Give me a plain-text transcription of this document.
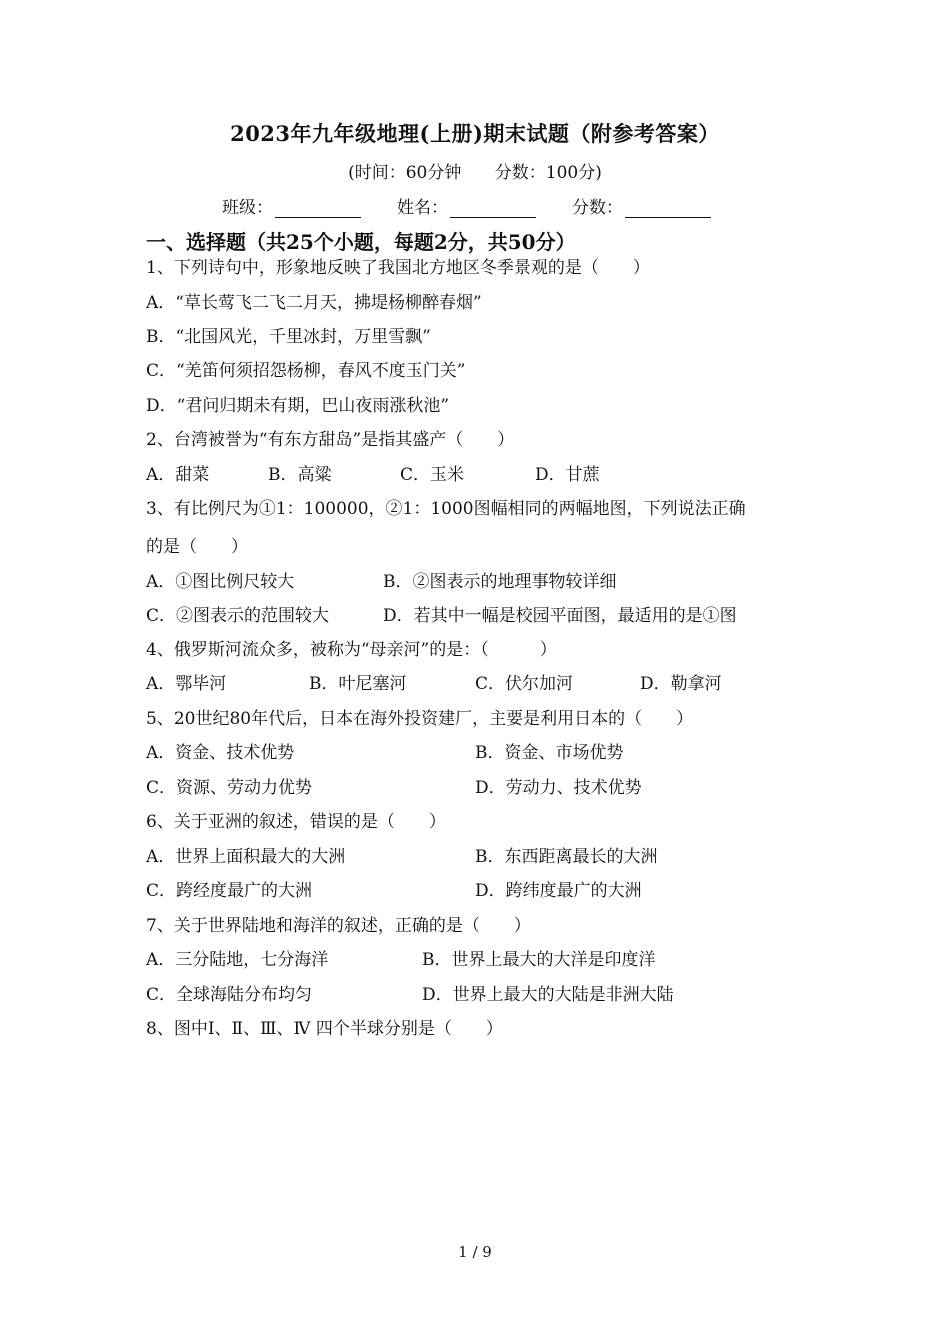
2023年九年级地理(上册)期末试题（附参考答案）
(时间：60分钟 分数：100分)
班级：	姓名：	分数：
一、选择题（共25个小题，每题2分，共50分）
1、下列诗句中，形象地反映了我国北方地区冬季景观的是（　　）
A．“草长莺飞二飞二月天，拂堤杨柳醉春烟”
B．“北国风光，千里冰封，万里雪飘”
C．“羌笛何须招怨杨柳，春风不度玉门关”
D．“君问归期未有期，巴山夜雨涨秋池”
2、台湾被誉为“有东方甜岛”是指其盛产（　　）
A．甜菜	B．高粱	C．玉米	D．甘蔗
3、有比例尺为①1：100000，②1：1000图幅相同的两幅地图，下列说法正确
的是（　　）
A．①图比例尺较大	B．②图表示的地理事物较详细
C．②图表示的范围较大	D．若其中一幅是校园平面图，最适用的是①图
4、俄罗斯河流众多，被称为“母亲河”的是：（　　　）
A．鄂毕河	B．叶尼塞河	C．伏尔加河	D．勒拿河
5、20世纪80年代后，日本在海外投资建厂，主要是利用日本的（　　）
A．资金、技术优势	B．资金、市场优势
C．资源、劳动力优势	D．劳动力、技术优势
6、关于亚洲的叙述，错误的是（　　）
A．世界上面积最大的大洲	B．东西距离最长的大洲
C．跨经度最广的大洲	D．跨纬度最广的大洲
7、关于世界陆地和海洋的叙述，正确的是（　　）
A．三分陆地，七分海洋	B．世界上最大的大洋是印度洋
C．全球海陆分布均匀	D．世界上最大的大陆是非洲大陆
8、图中Ⅰ、Ⅱ、Ⅲ、Ⅳ 四个半球分别是（　　）
1 / 9
